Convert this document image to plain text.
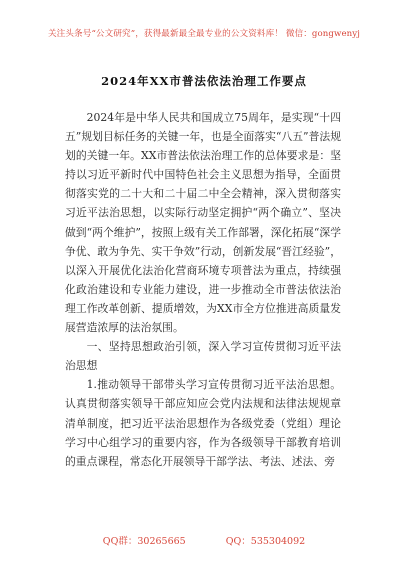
关注头条号“公文研究”，获得最新最全最专业的公文资料库！ 微信：gongwenyj
2024年XX市普法依法治理工作要点

2024年是中华人民共和国成立75周年，是实现“十四五”规划目标任务的关键一年，也是全面落实“八五”普法规划的关键一年。XX市普法依法治理工作的总体要求是：坚持以习近平新时代中国特色社会主义思想为指导，全面贯彻落实党的二十大和二十届二中全会精神，深入贯彻落实习近平法治思想，以实际行动坚定拥护“两个确立”、坚决做到“两个维护”，按照上级有关工作部署，深化拓展“深学争优、敢为争先、实干争效”行动，创新发展“晋江经验”，以深入开展优化法治化营商环境专项普法为重点，持续强化政治建设和专业能力建设，进一步推动全市普法依法治理工作改革创新、提质增效，为XX市全方位推进高质量发展营造浓厚的法治氛围。

一、坚持思想政治引领，深入学习宣传贯彻习近平法治思想

1.推动领导干部带头学习宣传贯彻习近平法治思想。认真贯彻落实领导干部应知应会党内法规和法律法规规章清单制度，把习近平法治思想作为各级党委（党组）理论学习中心组学习的重要内容，作为各级领导干部教育培训的重点课程，常态化开展领导干部学法、考法、述法、旁

QQ群：30265665	QQ：535304092
